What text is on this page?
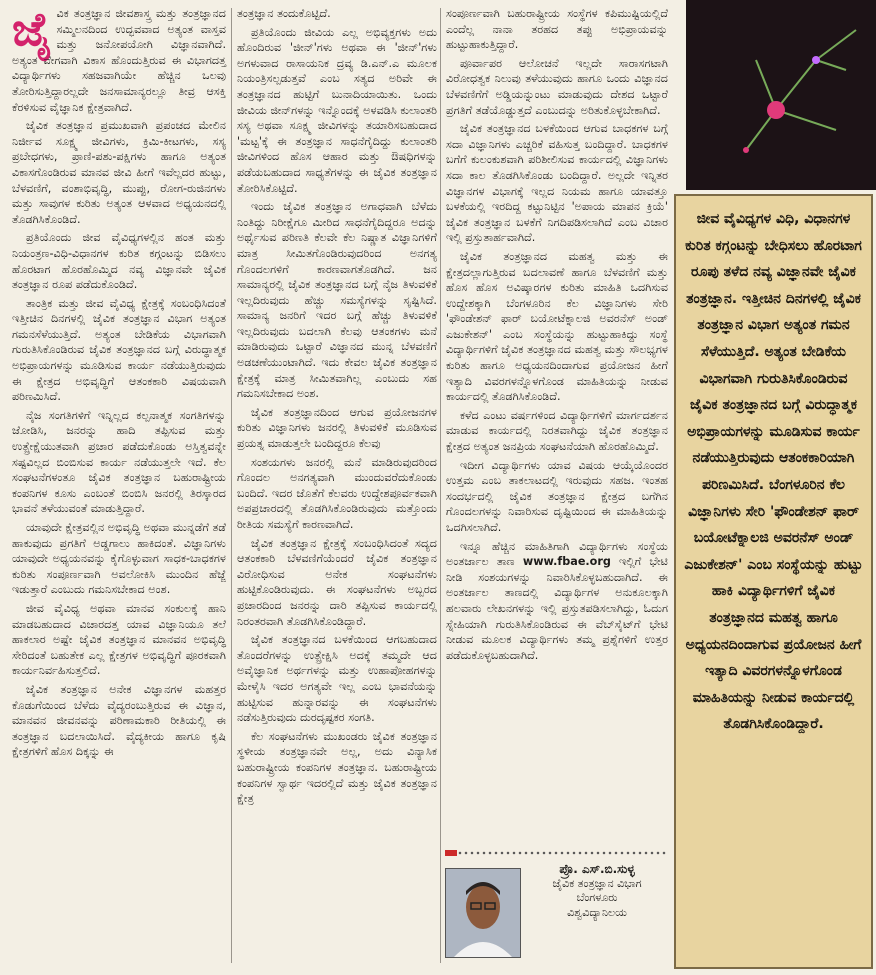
ಜೈ ವಿಕ ತಂತ್ರಜ್ಞಾನ ಜೀವಶಾಸ್ತ್ರ ಮತ್ತು ತಂತ್ರಜ್ಞಾನದ ಸಮ್ಮಿಲನದಿಂದ ಉದ್ಭವವಾದ ಅತ್ಯಂತ ವಾಸ್ತವ ಮತ್ತು ಜನೋಪಯೋಗಿ ವಿಜ್ಞಾನವಾಗಿದೆ. ಅತ್ಯಂತ ವೇಗವಾಗಿ ವಿಕಾಸ ಹೊಂದುತ್ತಿರುವ ಈ ವಿಭಾಗದತ್ತ ವಿದ್ಯಾರ್ಥಿಗಳು ಸಹಜವಾಗಿಯೇ ಹೆಚ್ಚಿನ ಒಲವು ತೋರಿಸುತ್ತಿದ್ದಾರಲ್ಲದೇ ಜನಸಾಮಾನ್ಯರಲ್ಲೂ ತೀವ್ರ ಆಸಕ್ತಿ ಕೆರಳಿಸುವ ವೈಜ್ಞಾನಿಕ ಕ್ಷೇತ್ರವಾಗಿದೆ.

ಜೈವಿಕ ತಂತ್ರಜ್ಞಾನ ಪ್ರಮುಖವಾಗಿ ಪ್ರಪಂಚದ ಮೇಲಿನ ನಿರ್ಜೀವ ಸೂಕ್ಷ್ಮ ಜೀವಿಗಳು, ಕ್ರಿಮಿ-ಕೀಟಗಳು, ಸಸ್ಯ ಪ್ರಬೇಧಗಳು, ಪ್ರಾಣಿ-ಪಶು-ಪಕ್ಷಿಗಳು ಹಾಗೂ ಅತ್ಯಂತ ವಿಕಾಸಗೊಂಡಿರುವ ಮಾನವ ಜೀವಿ ಹೀಗೆ ಇವೆಲ್ಲದರ ಹುಟ್ಟು, ಬೆಳವಣಿಗೆ, ವಂಶಾಭಿವೃದ್ಧಿ, ಮುಪ್ಪು, ರೋಗ-ರುಜಿನಗಳು ಮತ್ತು ಸಾವುಗಳ ಕುರಿತು ಅತ್ಯಂತ ಆಳವಾದ ಅಧ್ಯಯನದಲ್ಲಿ ತೊಡಗಿಸಿಕೊಂಡಿದೆ.

ಪ್ರತಿಯೊಂದು ಜೀವ ವೈವಿಧ್ಯಗಳಲ್ಲಿನ ಹಂತ ಮತ್ತು ನಿಯಂತ್ರಣ-ವಿಧಿ-ವಿಧಾನಗಳ ಕುರಿತ ಕಗ್ಗಂಟನ್ನು ಬಿಡಿಸಲು ಹೊರಟಾಗ ಹೊರಹೊಮ್ಮಿದ ನವ್ಯ ವಿಜ್ಞಾನವೇ ಜೈವಿಕ ತಂತ್ರಜ್ಞಾನ ರೂಪ ಪಡೆದುಕೊಂಡಿದೆ.

ತಾಂತ್ರಿಕ ಮತ್ತು ಜೀವ ವೈವಿಧ್ಯ ಕ್ಷೇತ್ರಕ್ಕೆ ಸಂಬಂಧಿಸಿದಂತೆ ಇತ್ತೀಚಿನ ದಿನಗಳಲ್ಲಿ ಜೈವಿಕ ತಂತ್ರಜ್ಞಾನ ವಿಭಾಗ ಅತ್ಯಂತ ಗಮನಸೆಳೆಯುತ್ತಿದೆ. ಅತ್ಯಂತ ಬೇಡಿಕೆಯ ವಿಭಾಗವಾಗಿ ಗುರುತಿಸಿಕೊಂಡಿರುವ ಜೈವಿಕ ತಂತ್ರಜ್ಞಾನದ ಬಗ್ಗೆ ವಿರುದ್ಧಾತ್ಮಕ ಅಭಿಪ್ರಾಯಗಳನ್ನು ಮೂಡಿಸುವ ಕಾರ್ಯ ನಡೆಯುತ್ತಿರುವುದು ಈ ಕ್ಷೇತ್ರದ ಅಭಿವೃದ್ಧಿಗೆ ಆತಂಕಕಾರಿ ವಿಷಯವಾಗಿ ಪರಿಣಮಿಸಿದೆ.

ನೈಜ ಸಂಗತಿಗಳಿಗೆ ಇನ್ನಿಲ್ಲದ ಕಲ್ಪನಾತ್ಮಕ ಸಂಗತಿಗಳನ್ನು ಜೋಡಿಸಿ, ಜನರನ್ನು ಹಾದಿ ತಪ್ಪಿಸುವ ಮತ್ತು ಉತ್ಪ್ರೇಕ್ಷೆಯುತವಾಗಿ ಪ್ರಚಾರ ಪಡೆದುಕೊಂಡು ಅಸ್ತಿತ್ವವನ್ನೇ ಸಷ್ಟವಿಲ್ಲದ ಬಿಂಬಿಸುವ ಕಾರ್ಯ ನಡೆಯುತ್ತಲೇ ಇದೆ. ಕೆಲ ಸಂಘಟನೆಗಳಂತೂ ಜೈವಿಕ ತಂತ್ರಜ್ಞಾನ ಬಹುರಾಷ್ಟ್ರೀಯ ಕಂಪನಿಗಳ ಕೂಸು ಎಂಬಂತೆ ಬಿಂಬಿಸಿ ಜನರಲ್ಲಿ ತಿರಸ್ಕಾರದ ಭಾವನೆ ತಳೆಯುವಂತೆ ಮಾಡುತ್ತಿದ್ದಾರೆ.

ಯಾವುದೇ ಕ್ಷೇತ್ರವಲ್ಲಿನ ಅಭಿವೃದ್ಧಿ ಅಥವಾ ಮುನ್ನಡೆಗೆ ತಡೆ ಹಾಕುವುದು ಪ್ರಗತಿಗೆ ಅಡ್ಡಗಾಲು ಹಾಕಿದಂತೆ. ವಿಜ್ಞಾನಿಗಳು ಯಾವುದೇ ಅಧ್ಯಯನವನ್ನು ಕೈಗೊಳ್ಳುವಾಗ ಸಾಧಕ-ಬಾಧಕಗಳ ಕುರಿತು ಸಂಪೂರ್ಣವಾಗಿ ಅವಲೋಕಿಸಿ ಮುಂದಿನ ಹೆಜ್ಜೆ ಇಡುತ್ತಾರೆ ಎಂಬುದು ಗಮನಿಸಬೇಕಾದ ಅಂಶ.

ಜೀವ ವೈವಿಧ್ಯ ಅಥವಾ ಮಾನವ ಸಂಕುಲಕ್ಕೆ ಹಾನಿ ಮಾಡಬಹುದಾದ ವಿಚಾರದತ್ತ ಯಾವ ವಿಜ್ಞಾನಿಯೂ ತಲೆ ಹಾಕಲಾರ ಅಷ್ಟೇ ಜೈವಿಕ ತಂತ್ರಜ್ಞಾನ ಮಾನವನ ಅಭಿವೃದ್ಧಿ ಸೇರಿದಂತೆ ಬಹುತೇಕ ಎಲ್ಲ ಕ್ಷೇತ್ರಗಳ ಅಭಿವೃದ್ಧಿಗೆ ಪೂರಕವಾಗಿ ಕಾರ್ಯನಿರ್ವಹಿಸುತ್ತಲಿದೆ.

ಜೈವಿಕ ತಂತ್ರಜ್ಞಾನ ಅನೇಕ ವಿಜ್ಞಾನಗಳ ಮಹತ್ತರ ಕೊಡುಗೆಯಿಂದ ಬೆಳೆದು ವೈದ್ಯರಂಬುತ್ತಿರುವ ಈ ವಿಜ್ಞಾನ, ಮಾನವನ ಜೀವನವನ್ನು ಪರಿಣಾಮಕಾರಿ ರೀತಿಯಲ್ಲಿ ಈ ತಂತ್ರಜ್ಞಾನ ಬದಲಾಯಿಸಿದೆ. ವೈದ್ಯಕೀಯ ಹಾಗೂ ಕೃಷಿ ಕ್ಷೇತ್ರಗಳಿಗೆ ಹೊಸ ದಿಕ್ಕನ್ನು ಈ

ತಂತ್ರಜ್ಞಾನ ತಂದುಕೊಟ್ಟಿದೆ.

ಪ್ರತಿಯೊಂದು ಜೀವಿಯ ಎಲ್ಲ ಅಭಿವ್ಯಕ್ತಗಳು ಅದು ಹೊಂದಿರುವ 'ಜೀನ್'ಗಳು ಅಥವಾ ಈ 'ಜೀನ್'ಗಳು ಅಗಳುವಾದ ರಾಸಾಯನಿಕ ದ್ರವ್ಯ ಡಿ.ಎನ್.ಎ ಮೂಲಕ ನಿಯಂತ್ರಿಸಲ್ಪಡುತ್ತವೆ ಎಂಬ ಸತ್ಯದ ಅರಿವೇ ಈ ತಂತ್ರಜ್ಞಾನದ ಹುಟ್ಟಿಗೆ ಬುನಾದಿಯಾಯಿತು. ಒಂದು ಜೀವಿಯ ಜೀನ್‌ಗಳನ್ನು ಇನ್ನೊಂದಕ್ಕೆ ಅಳವಡಿಸಿ ಕುಲಾಂತರಿ ಸಸ್ಯ ಅಥವಾ ಸೂಕ್ಷ್ಮ ಜೀವಿಗಳನ್ನು ತಯಾರಿಸಬಹುದಾದ 'ಮಟ್ಟ'ಕ್ಕೆ ಈ ತಂತ್ರಜ್ಞಾನ ಸಾಧನೆಗೈದಿದ್ದು ಕುಲಾಂತರಿ ಜೀವಿಗಳಿಂದ ಹೊಸ ಆಹಾರ ಮತ್ತು ಔಷಧಿಗಳನ್ನು ಪಡೆಯಬಹುದಾದ ಸಾಧ್ಯತೆಗಳನ್ನು ಈ ಜೈವಿಕ ತಂತ್ರಜ್ಞಾನ ತೋರಿಸಿಕೊಟ್ಟಿದೆ.

ಇಂದು ಜೈವಿಕ ತಂತ್ರಜ್ಞಾನ ಅಗಾಧವಾಗಿ ಬೆಳೆದು ನಿಂತಿದ್ದು ನಿರೀಕ್ಷೆಗೂ ಮೀರಿದ ಸಾಧನೆಗೈದಿದ್ದರೂ ಅದನ್ನು ಅರ್ಥೈಸುವ ಪರಿಣತಿ ಕೆಲವೇ ಕೆಲ ನಿಷ್ಣಾತ ವಿಜ್ಞಾನಿಗಳಿಗೆ ಮಾತ್ರ ಸೀಮಿತಗೊಂಡಿರುವುದರಿಂದ ಅನಗತ್ಯ ಗೊಂದಲಗಳಿಗೆ ಕಾರಣವಾಗತೊಡಗಿದೆ. ಜನ ಸಾಮಾನ್ಯರಲ್ಲಿ ಜೈವಿಕ ತಂತ್ರಜ್ಞಾನದ ಬಗ್ಗೆ ನೈಜ ತಿಳುವಳಿಕೆ ಇಲ್ಲದಿರುವುದು ಹೆಚ್ಚು ಸಮಸ್ಯೆಗಳನ್ನು ಸೃಷ್ಟಿಸಿದೆ. ಸಾಮಾನ್ಯ ಜನರಿಗೆ ಇದರ ಬಗ್ಗೆ ಹೆಚ್ಚು ತಿಳುವಳಿಕೆ ಇಲ್ಲದಿರುವುದು ಬದಲಾಗಿ ಕೆಲವು ಆತಂಕಗಳು ಮನೆ ಮಾಡಿರುವುದು ಒಟ್ಟಾರೆ ವಿಜ್ಞಾನದ ಮುನ್ನ ಬೆಳವಣಿಗೆ ಅಡಚಣೆಯುಂಟಾಗಿದೆ. ಇದು ಕೇವಲ ಜೈವಿಕ ತಂತ್ರಜ್ಞಾನ ಕ್ಷೇತ್ರಕ್ಕೆ ಮಾತ್ರ ಸೀಮಿತವಾಗಿಲ್ಲ ಎಂಬುದು ಸಹ ಗಮನಿಸಬೇಕಾದ ಅಂಶ.

ಜೈವಿಕ ತಂತ್ರಜ್ಞಾನದಿಂದ ಆಗುವ ಪ್ರಯೋಜನಗಳ ಕುರಿತು ವಿಜ್ಞಾನಿಗಳು ಜನರಲ್ಲಿ ತಿಳುವಳಿಕೆ ಮೂಡಿಸುವ ಪ್ರಯತ್ನ ಮಾಡುತ್ತಲೇ ಬಂದಿದ್ದರೂ ಕೆಲವು

ಸಂಶಯಗಳು ಜನರಲ್ಲಿ ಮನೆ ಮಾಡಿರುವುದರಿಂದ ಗೊಂದಲ ಅನಗತ್ಯವಾಗಿ ಮುಂದುವರೆದುಕೊಂಡು ಬಂದಿದೆ. ಇದರ ಜೊತೆಗೆ ಕೆಲವರು ಉದ್ದೇಶಪೂರ್ವಕವಾಗಿ ಅಪಪ್ರಚಾರದಲ್ಲಿ ತೊಡಗಿಸಿಕೊಂಡಿರುವುದು ಮತ್ತೊಂದು ರೀತಿಯ ಸಮಸ್ಯೆಗೆ ಕಾರಣವಾಗಿದೆ.

ಜೈವಿಕ ತಂತ್ರಜ್ಞಾನ ಕ್ಷೇತ್ರಕ್ಕೆ ಸಂಬಂಧಿಸಿದಂತೆ ಸದ್ಯದ ಆತಂಕಕಾರಿ ಬೆಳವಣಿಗೆಯೆಂದರೆ ಜೈವಿಕ ತಂತ್ರಜ್ಞಾನ ವಿರೋಧಿಸುವ ಅನೇಕ ಸಂಘಟನೆಗಳು ಹುಟ್ಟಿಕೊಂಡಿರುವುದು. ಈ ಸಂಘಟನೆಗಳು ಅಬ್ಬರದ ಪ್ರಚಾರದಿಂದ ಜನರನ್ನು ದಾರಿ ತಪ್ಪಿಸುವ ಕಾರ್ಯದಲ್ಲಿ ನಿರಂತರವಾಗಿ ತೊಡಗಿಸಿಕೊಂಡಿದ್ದಾರೆ.

ಜೈವಿಕ ತಂತ್ರಜ್ಞಾನದ ಬಳಕೆಯಿಂದ ಆಗಬಹುದಾದ ತೊಂದರೆಗಳನ್ನು ಉತ್ಪ್ರೇಕ್ಷಿಸಿ ಅದಕ್ಕೆ ತಮ್ಮದೇ ಆದ ಅವೈಜ್ಞಾನಿಕ ಅರ್ಥಗಳನ್ನು ಮತ್ತು ಉಹಾಪೋಹಗಳನ್ನು ಮೇಳೈಸಿ ಇದರ ಅಗತ್ಯವೇ ಇಲ್ಲ ಎಂಬ ಭಾವನೆಯನ್ನು ಹುಟ್ಟಿಸುವ ಹುನ್ನಾರವನ್ನು ಈ ಸಂಘಟನೆಗಳು ನಡೆಸುತ್ತಿರುವುದು ದುರದೃಷ್ಟಕರ ಸಂಗತಿ.

ಕೆಲ ಸಂಘಟನೆಗಳು ಮುಖಂಡರು ಜೈವಿಕ ತಂತ್ರಜ್ಞಾನ ಸ್ಥಳೀಯ ತಂತ್ರಜ್ಞಾನವೇ ಅಲ್ಲ, ಅದು ವಿನ್ಯಾಸಿಕ ಬಹುರಾಷ್ಟ್ರೀಯ ಕಂಪನಿಗಳ ತಂತ್ರಜ್ಞಾನ. ಬಹುರಾಷ್ಟ್ರೀಯ ಕಂಪನಿಗಳ ಸ್ವಾರ್ಥ ಇದರಲ್ಲಿದೆ ಮತ್ತು ಜೈವಿಕ ತಂತ್ರಜ್ಞಾನ ಕ್ಷೇತ್ರ

ಸಂಪೂರ್ಣವಾಗಿ ಬಹುರಾಷ್ಟ್ರೀಯ ಸಂಸ್ಥೆಗಳ ಕಪಿಮುಷ್ಟಿಯಲ್ಲಿದೆ ಎಂದೆಲ್ಲ ನಾನಾ ತರಹದ ತಪ್ಪು ಅಭಿಪ್ರಾಯವನ್ನು ಹುಟ್ಟುಹಾಕುತ್ತಿದ್ದಾರೆ.

ಪೂರ್ವಾಪರ ಆಲೋಚನೆ ಇಲ್ಲದೇ ಸಾರಾಸಗಟಾಗಿ ವಿರೋಧತ್ವಕ ನಿಲುವು ತಳೆಯುವುದು ಹಾಗೂ ಒಂದು ವಿಜ್ಞಾನದ ಬೆಳವಣಿಗೆಗೆ ಅಡ್ಡಿಯನ್ನುಂಟು ಮಾಡುವುದು ದೇಶದ ಒಟ್ಟಾರೆ ಪ್ರಗತಿಗೆ ತಡೆಯೊಡ್ಡುತ್ತದೆ ಎಂಬುದನ್ನು ಅರಿತುಕೊಳ್ಳಬೇಕಾಗಿದೆ.

ಜೈವಿಕ ತಂತ್ರಜ್ಞಾನದ ಬಳಕೆಯಿಂದ ಆಗುವ ಬಾಧಕಗಳ ಬಗ್ಗೆ ಸದಾ ವಿಜ್ಞಾನಿಗಳು ಎಚ್ಚರಿಕೆ ವಹಿಸುತ್ತ ಬಂದಿದ್ದಾರೆ. ಬಾಧಕಗಳ ಬಗೆಗೆ ಕುಲಂಕುಶವಾಗಿ ಪರಿಶೀಲಿಸುವ ಕಾರ್ಯದಲ್ಲಿ ವಿಜ್ಞಾನಿಗಳು ಸದಾ ಕಾಲ ತೊಡಗಿಸಿಕೊಂಡು ಬಂದಿದ್ದಾರೆ. ಅಲ್ಲದೇ ಇನ್ನಿತರ ವಿಜ್ಞಾನಗಳ ವಿಭಾಗಕ್ಕೆ ಇಲ್ಲದ ನಿಯಮ ಹಾಗೂ ಯಾವತ್ತೂ ಬಳಕೆಯಲ್ಲಿ ಇರದಿದ್ದ ಕಟ್ಟುನಿಟ್ಟಿನ 'ಅಪಾಯ ಮಾಪನ ಕ್ರಿಯೆ' ಜೈವಿಕ ತಂತ್ರಜ್ಞಾನ ಬಳಕೆಗೆ ನಿಗದಿಪಡಿಸಲಾಗಿದೆ ಎಂಬ ವಿಚಾರ ಇಲ್ಲಿ ಪ್ರಸ್ತುತಾರ್ಹವಾಗಿದೆ.

ಜೈವಿಕ ತಂತ್ರಜ್ಞಾನದ ಮಹತ್ವ ಮತ್ತು ಈ ಕ್ಷೇತ್ರದಲ್ಲಾಗುತ್ತಿರುವ ಬದಲಾವಣೆ ಹಾಗೂ ಬೆಳವಣಿಗೆ ಮತ್ತು ಹೊಸ ಹೊಸ ಅವಿಷ್ಕಾರಗಳ ಕುರಿತು ಮಾಹಿತಿ ಒದಗಿಸುವ ಉದ್ದೇಶಕ್ಕಾಗಿ ಬೆಂಗಳೂರಿನ ಕೆಲ ವಿಜ್ಞಾನಿಗಳು ಸೇರಿ 'ಫೌಂಡೇಶನ್ ಫಾರ್ ಬಯೋಟೆಕ್ನಾಲಜಿ ಅವರನೆಸ್ ಅಂಡ್ ಎಜುಕೇಶನ್' ಎಂಬ ಸಂಸ್ಥೆಯನ್ನು ಹುಟ್ಟುಹಾಕಿದ್ದು ಸಂಸ್ಥೆ ವಿದ್ಯಾರ್ಥಿಗಳಿಗೆ ಜೈವಿಕ ತಂತ್ರಜ್ಞಾನದ ಮಹತ್ವ ಮತ್ತು ಸೌಲಭ್ಯಗಳ ಕುರಿತು ಹಾಗೂ ಅಧ್ಯಯನದಿಂದಾಗುವ ಪ್ರಯೋಜನ ಹೀಗೆ ಇತ್ಯಾದಿ ವಿವರಗಳನ್ನೊಳಗೊಂಡ ಮಾಹಿತಿಯನ್ನು ನೀಡುವ ಕಾರ್ಯದಲ್ಲಿ ತೊಡಗಿಸಿಕೊಂಡಿದೆ.

ಕಳೆದ ಎಂಟು ವರ್ಷಗಳಿಂದ ವಿದ್ಯಾರ್ಥಿಗಳಿಗೆ ಮಾರ್ಗದರ್ಶನ ಮಾಡುವ ಕಾರ್ಯದಲ್ಲಿ ನಿರತವಾಗಿದ್ದು ಜೈವಿಕ ತಂತ್ರಜ್ಞಾನ ಕ್ಷೇತ್ರದ ಅತ್ಯಂತ ಜನಪ್ರಿಯ ಸಂಘಟನೆಯಾಗಿ ಹೊರಹೊಮ್ಮಿದೆ.

ಇದೀಗ ವಿದ್ಯಾರ್ಥಿಗಳು ಯಾವ ವಿಷಯ ಆಯ್ಕೆಯೊಂದರ ಉತ್ತಮ ಎಂಬ ತಾಕಲಾಟದಲ್ಲಿ ಇರುವುದು ಸಹಜ. ಇಂತಹ ಸಂದರ್ಭದಲ್ಲಿ ಜೈವಿಕ ತಂತ್ರಜ್ಞಾನ ಕ್ಷೇತ್ರದ ಬಗೆಗಿನ ಗೊಂದಲಗಳನ್ನು ನಿವಾರಿಸುವ ದೃಷ್ಟಿಯಿಂದ ಈ ಮಾಹಿತಿಯನ್ನು ಒದಗಿಸಲಾಗಿದೆ.

ಇನ್ನೂ ಹೆಚ್ಚಿನ ಮಾಹಿತಿಗಾಗಿ ವಿದ್ಯಾರ್ಥಿಗಳು ಸಂಸ್ಥೆಯ ಅಂತರ್ಜಾಲ ತಾಣ www.fbae.org ಇಲ್ಲಿಗೆ ಭೇಟಿ ನೀಡಿ ಸಂಶಯಗಳನ್ನು ನಿವಾರಿಸಿಕೊಳ್ಳಬಹುದಾಗಿದೆ. ಈ ಅಂತರ್ಜಾಲ ತಾಣದಲ್ಲಿ ವಿದ್ಯಾರ್ಥಿಗಳ ಅನುಕೂಲಕ್ಕಾಗಿ ಹಲವಾರು ಲೇಖನಗಳನ್ನು ಇಲ್ಲಿ ಪ್ರಸ್ತುತಪಡಿಸಲಾಗಿದ್ದು, ಓದುಗ ಸ್ನೇಹಿಯಾಗಿ ಗುರುತಿಸಿಕೊಂಡಿರುವ ಈ ವೆಬ್‌ಸೈಟ್‌ಗೆ ಭೇಟಿ ನೀಡುವ ಮೂಲಕ ವಿದ್ಯಾರ್ಥಿಗಳು ತಮ್ಮ ಪ್ರಶ್ನೆಗಳಿಗೆ ಉತ್ತರ ಪಡೆದುಕೊಳ್ಳಬಹುದಾಗಿದೆ.

ಪ್ರೊ. ಎಸ್.ಬಿ.ಸುಳ್ಳ
ಜೈವಿಕ ತಂತ್ರಜ್ಞಾನ ವಿಭಾಗ
ಬೆಂಗಳೂರು
ವಿಶ್ವವಿದ್ಯಾನಿಲಯ
ಜೀವ ವೈವಿಧ್ಯಗಳ ವಿಧಿ, ವಿಧಾನಗಳ ಕುರಿತ ಕಗ್ಗಂಟನ್ನು ಬೇಧಿಸಲು ಹೊರಟಾಗ ರೂಪು ತಳೆದ ನವ್ಯ ವಿಜ್ಞಾನವೇ ಜೈವಿಕ ತಂತ್ರಜ್ಞಾನ. ಇತ್ತೀಚಿನ ದಿನಗಳಲ್ಲಿ ಜೈವಿಕ ತಂತ್ರಜ್ಞಾನ ವಿಭಾಗ ಅತ್ಯಂತ ಗಮನ ಸೆಳೆಯುತ್ತಿದೆ. ಅತ್ಯಂತ ಬೇಡಿಕೆಯ ವಿಭಾಗವಾಗಿ ಗುರುತಿಸಿಕೊಂಡಿರುವ ಜೈವಿಕ ತಂತ್ರಜ್ಞಾನದ ಬಗ್ಗೆ ವಿರುದ್ಧಾತ್ಮಕ ಅಭಿಪ್ರಾಯಗಳನ್ನು ಮೂಡಿಸುವ ಕಾರ್ಯ ನಡೆಯುತ್ತಿರುವುದು ಆತಂಕಕಾರಿಯಾಗಿ ಪರಿಣಮಿಸಿದೆ. ಬೆಂಗಳೂರಿನ ಕೆಲ ವಿಜ್ಞಾನಿಗಳು ಸೇರಿ 'ಫೌಂಡೇಶನ್ ಫಾರ್ ಬಯೋಟೆಕ್ನಾಲಜಿ ಅವರನೆಸ್ ಅಂಡ್ ಎಜುಕೇಶನ್' ಎಂಬ ಸಂಸ್ಥೆಯನ್ನು ಹುಟ್ಟು ಹಾಕಿ ವಿದ್ಯಾರ್ಥಿಗಳಿಗೆ ಜೈವಿಕ ತಂತ್ರಜ್ಞಾನದ ಮಹತ್ವ ಹಾಗೂ ಅಧ್ಯಯನದಿಂದಾಗುವ ಪ್ರಯೋಜನ ಹೀಗೆ ಇತ್ಯಾದಿ ವಿವರಗಳನ್ನೊಳಗೊಂಡ ಮಾಹಿತಿಯನ್ನು ನೀಡುವ ಕಾರ್ಯದಲ್ಲಿ ತೊಡಗಿಸಿಕೊಂಡಿದ್ದಾರೆ.
